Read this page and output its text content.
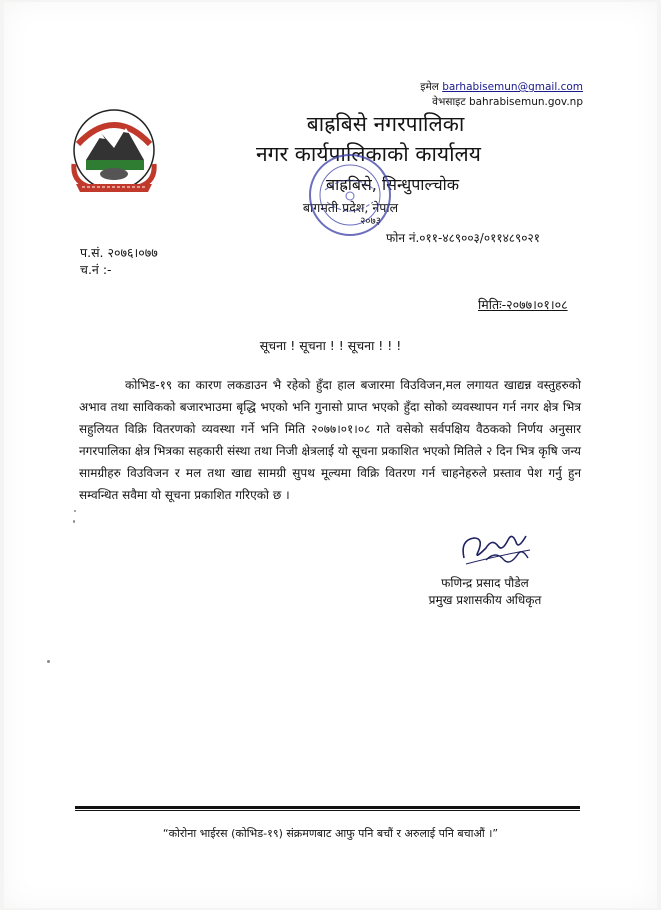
इमेल barhabisemun@gmail.com
वेभसाइट bahrabisemun.gov.np
बाह्रबिसे नगरपालिका
नगर कार्यपालिकाको कार्यालय
बाह्रबिसे, सिन्धुपाल्चोक
बागमती प्रदेश, नेपाल
२०७३
फोन नं.०११-४८९००३/०११४८९०२१
प.सं. २०७६।०७७
च.नं :-
मितिः-२०७७।०१।०८
सूचना ! सूचना ! ! सूचना ! ! !
कोभिड-१९ का कारण लकडाउन भै रहेको हुँदा हाल बजारमा विउविजन,मल लगायत खाद्यन्न वस्तुहरुको अभाव तथा साविकको बजारभाउमा बृद्धि भएको भनि गुनासो प्राप्त भएको हुँदा सोको व्यवस्थापन गर्न नगर क्षेत्र भित्र सहुलियत विक्रि वितरणको व्यवस्था गर्ने भनि मिति २०७७।०१।०८ गते वसेको सर्वपक्षिय वैठकको निर्णय अनुसार नगरपालिका क्षेत्र भित्रका सहकारी संस्था तथा निजी क्षेत्रलाई यो सूचना प्रकाशित भएको मितिले २ दिन भित्र कृषि जन्य सामग्रीहरु विउविजन र मल तथा खाद्य सामग्री सुपथ मूल्यमा विक्रि वितरण गर्न चाहनेहरुले प्रस्ताव पेश गर्नु हुन सम्वन्धित सवैमा यो सूचना प्रकाशित गरिएको छ ।
फणिन्द्र प्रसाद पौडेल
प्रमुख प्रशासकीय अधिकृत
“कोरोना भाईरस (कोभिड-१९) संक्रमणबाट आफु पनि बचौं र अरुलाई पनि बचाऔं ।”
